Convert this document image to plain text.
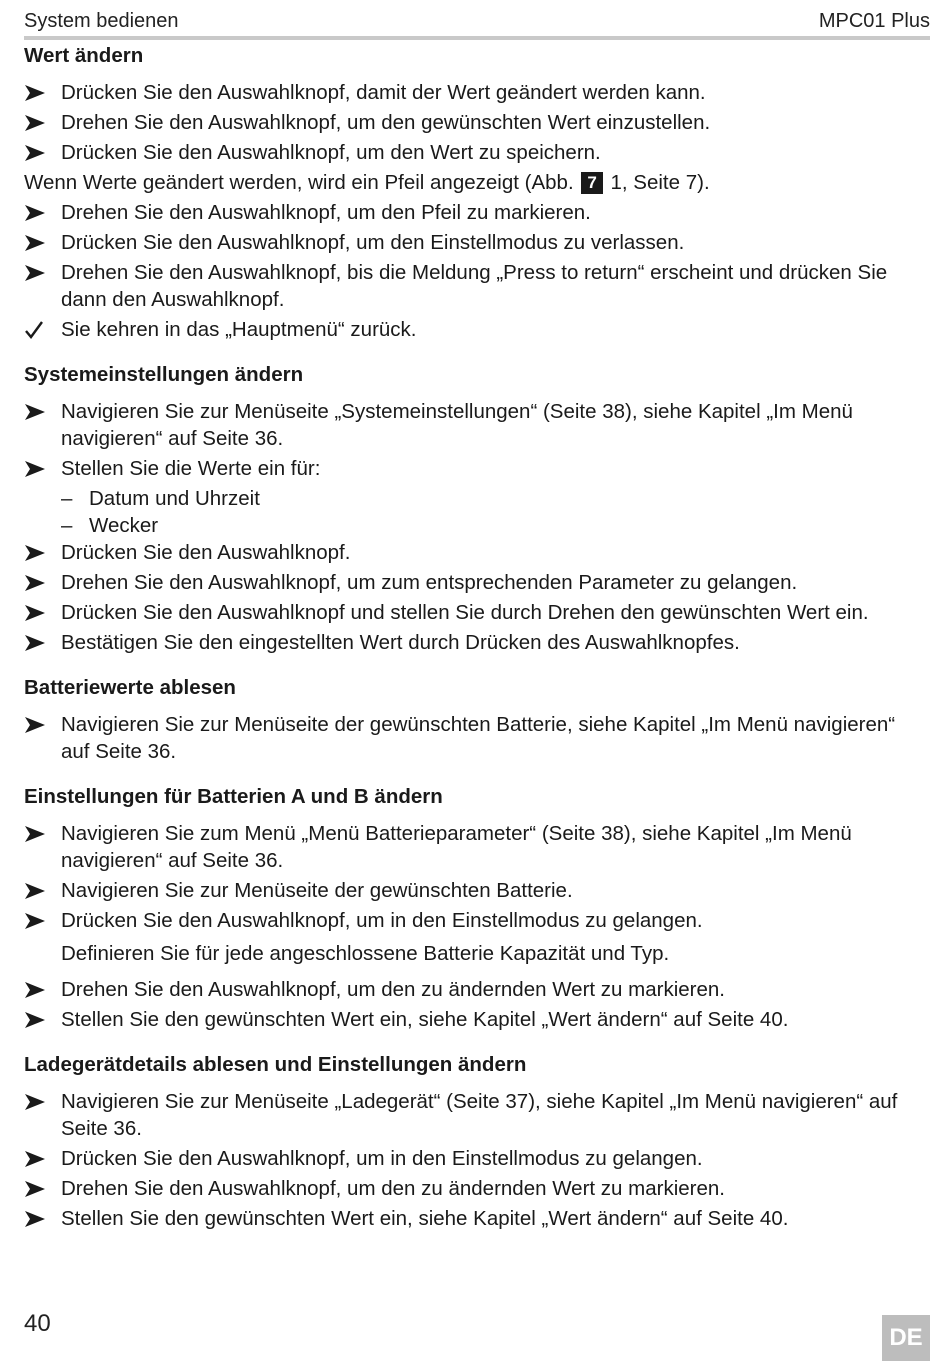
System bedienen	MPC01 Plus
Wert ändern
Drücken Sie den Auswahlknopf, damit der Wert geändert werden kann.
Drehen Sie den Auswahlknopf, um den gewünschten Wert einzustellen.
Drücken Sie den Auswahlknopf, um den Wert zu speichern.
Wenn Werte geändert werden, wird ein Pfeil angezeigt (Abb. 7 1, Seite 7).
Drehen Sie den Auswahlknopf, um den Pfeil zu markieren.
Drücken Sie den Auswahlknopf, um den Einstellmodus zu verlassen.
Drehen Sie den Auswahlknopf, bis die Meldung „Press to return“ erscheint und drücken Sie dann den Auswahlknopf.
Sie kehren in das „Hauptmenü“ zurück.
Systemeinstellungen ändern
Navigieren Sie zur Menüseite „Systemeinstellungen“ (Seite 38), siehe Kapitel „Im Menü navigieren“ auf Seite 36.
Stellen Sie die Werte ein für:
– Datum und Uhrzeit
– Wecker
Drücken Sie den Auswahlknopf.
Drehen Sie den Auswahlknopf, um zum entsprechenden Parameter zu gelangen.
Drücken Sie den Auswahlknopf und stellen Sie durch Drehen den gewünschten Wert ein.
Bestätigen Sie den eingestellten Wert durch Drücken des Auswahlknopfes.
Batteriewerte ablesen
Navigieren Sie zur Menüseite der gewünschten Batterie, siehe Kapitel „Im Menü navigieren“ auf Seite 36.
Einstellungen für Batterien A und B ändern
Navigieren Sie zum Menü „Menü Batterieparameter“ (Seite 38), siehe Kapitel „Im Menü navigieren“ auf Seite 36.
Navigieren Sie zur Menüseite der gewünschten Batterie.
Drücken Sie den Auswahlknopf, um in den Einstellmodus zu gelangen.
Definieren Sie für jede angeschlossene Batterie Kapazität und Typ.
Drehen Sie den Auswahlknopf, um den zu ändernden Wert zu markieren.
Stellen Sie den gewünschten Wert ein, siehe Kapitel „Wert ändern“ auf Seite 40.
Ladegerätdetails ablesen und Einstellungen ändern
Navigieren Sie zur Menüseite „Ladegerät“ (Seite 37), siehe Kapitel „Im Menü navigieren“ auf Seite 36.
Drücken Sie den Auswahlknopf, um in den Einstellmodus zu gelangen.
Drehen Sie den Auswahlknopf, um den zu ändernden Wert zu markieren.
Stellen Sie den gewünschten Wert ein, siehe Kapitel „Wert ändern“ auf Seite 40.
40
DE
